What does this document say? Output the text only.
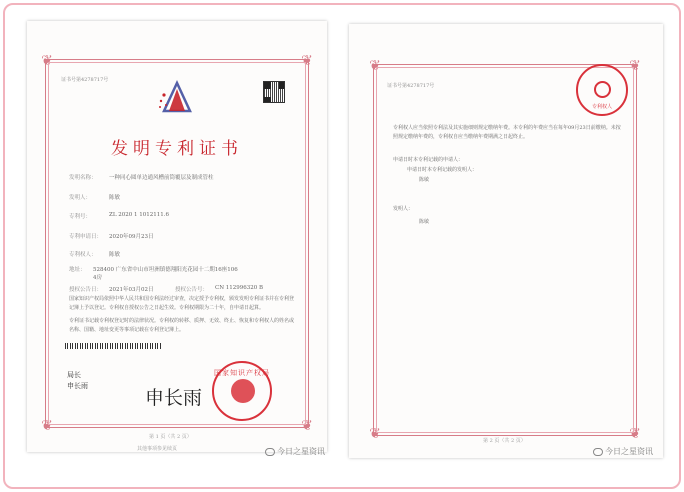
❦	❦
❦	❦
证书号第4278717号
发明专利证书
发明名称： 一种同心圆单边通风槽前筒覆层及制成管柱
发明人：	陈敏
专利号：	ZL 2020 1 1012111.6
专利申请日： 2020年09月23日
专利权人： 陈敏
地址： 528400 广东省中山市坦洲镇德翔阳光花园十二期16座106
4房
授权公告日： 2021年03月02日	授权公告号： CN 112996320 B
国家知识产权局依照中华人民共和国专利法经过审查，决定授予专利权，颁发发明专利证书并在专利登记簿上予以登记。专利权自授权公告之日起生效。专利权期限为二十年，自申请日起算。
专利证书记载专利权登记时的法律状况。专利权的转移、质押、无效、终止、恢复和专利权人的姓名或名称、国籍、地址变更等事项记载在专利登记簿上。
局长
申长雨
申长雨
国家知识产权局
第 1 页（共 2 页）
其他事项参见续页
❦	❦
❦	❦
证书号第4278717号
专利权人
专利权人应当依照专利法及其实施细则规定缴纳年费。本专利的年费应当在每年09月23日前缴纳。未按照规定缴纳年费的，专利权自应当缴纳年费期满之日起终止。
申请日时本专利记载的申请人：
申请日时本专利记载的发明人：
陈敏
发明人：
陈敏
第 2 页（共 2 页）
今日之星资讯	今日之星资讯
